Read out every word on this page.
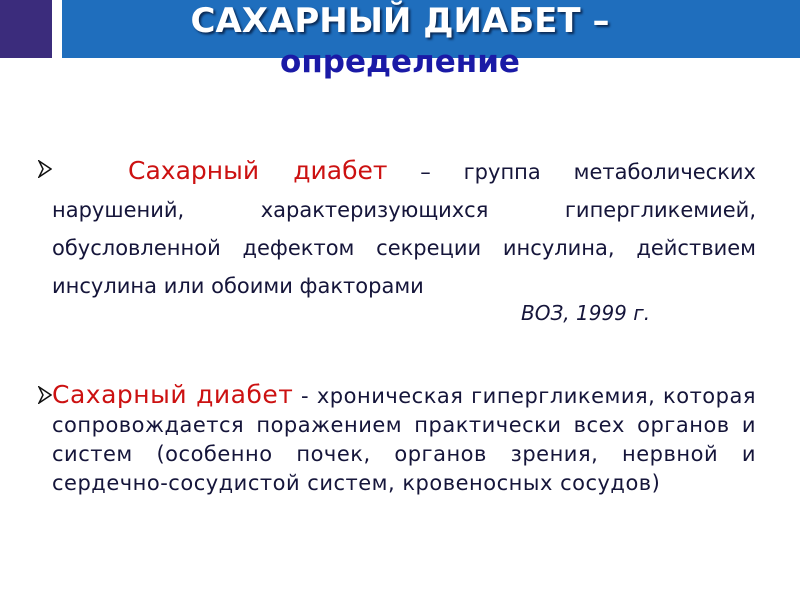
САХАРНЫЙ ДИАБЕТ –
определение
Сахарный диабет – группа метаболических нарушений, характеризующихся гипергликемией, обусловленной дефектом секреции инсулина, действием инсулина или обоими факторами
ВОЗ, 1999 г.
Сахарный диабет - хроническая гипергликемия, которая сопровождается поражением практически всех органов и систем (особенно почек, органов зрения, нервной и сердечно-сосудистой систем, кровеносных сосудов)
